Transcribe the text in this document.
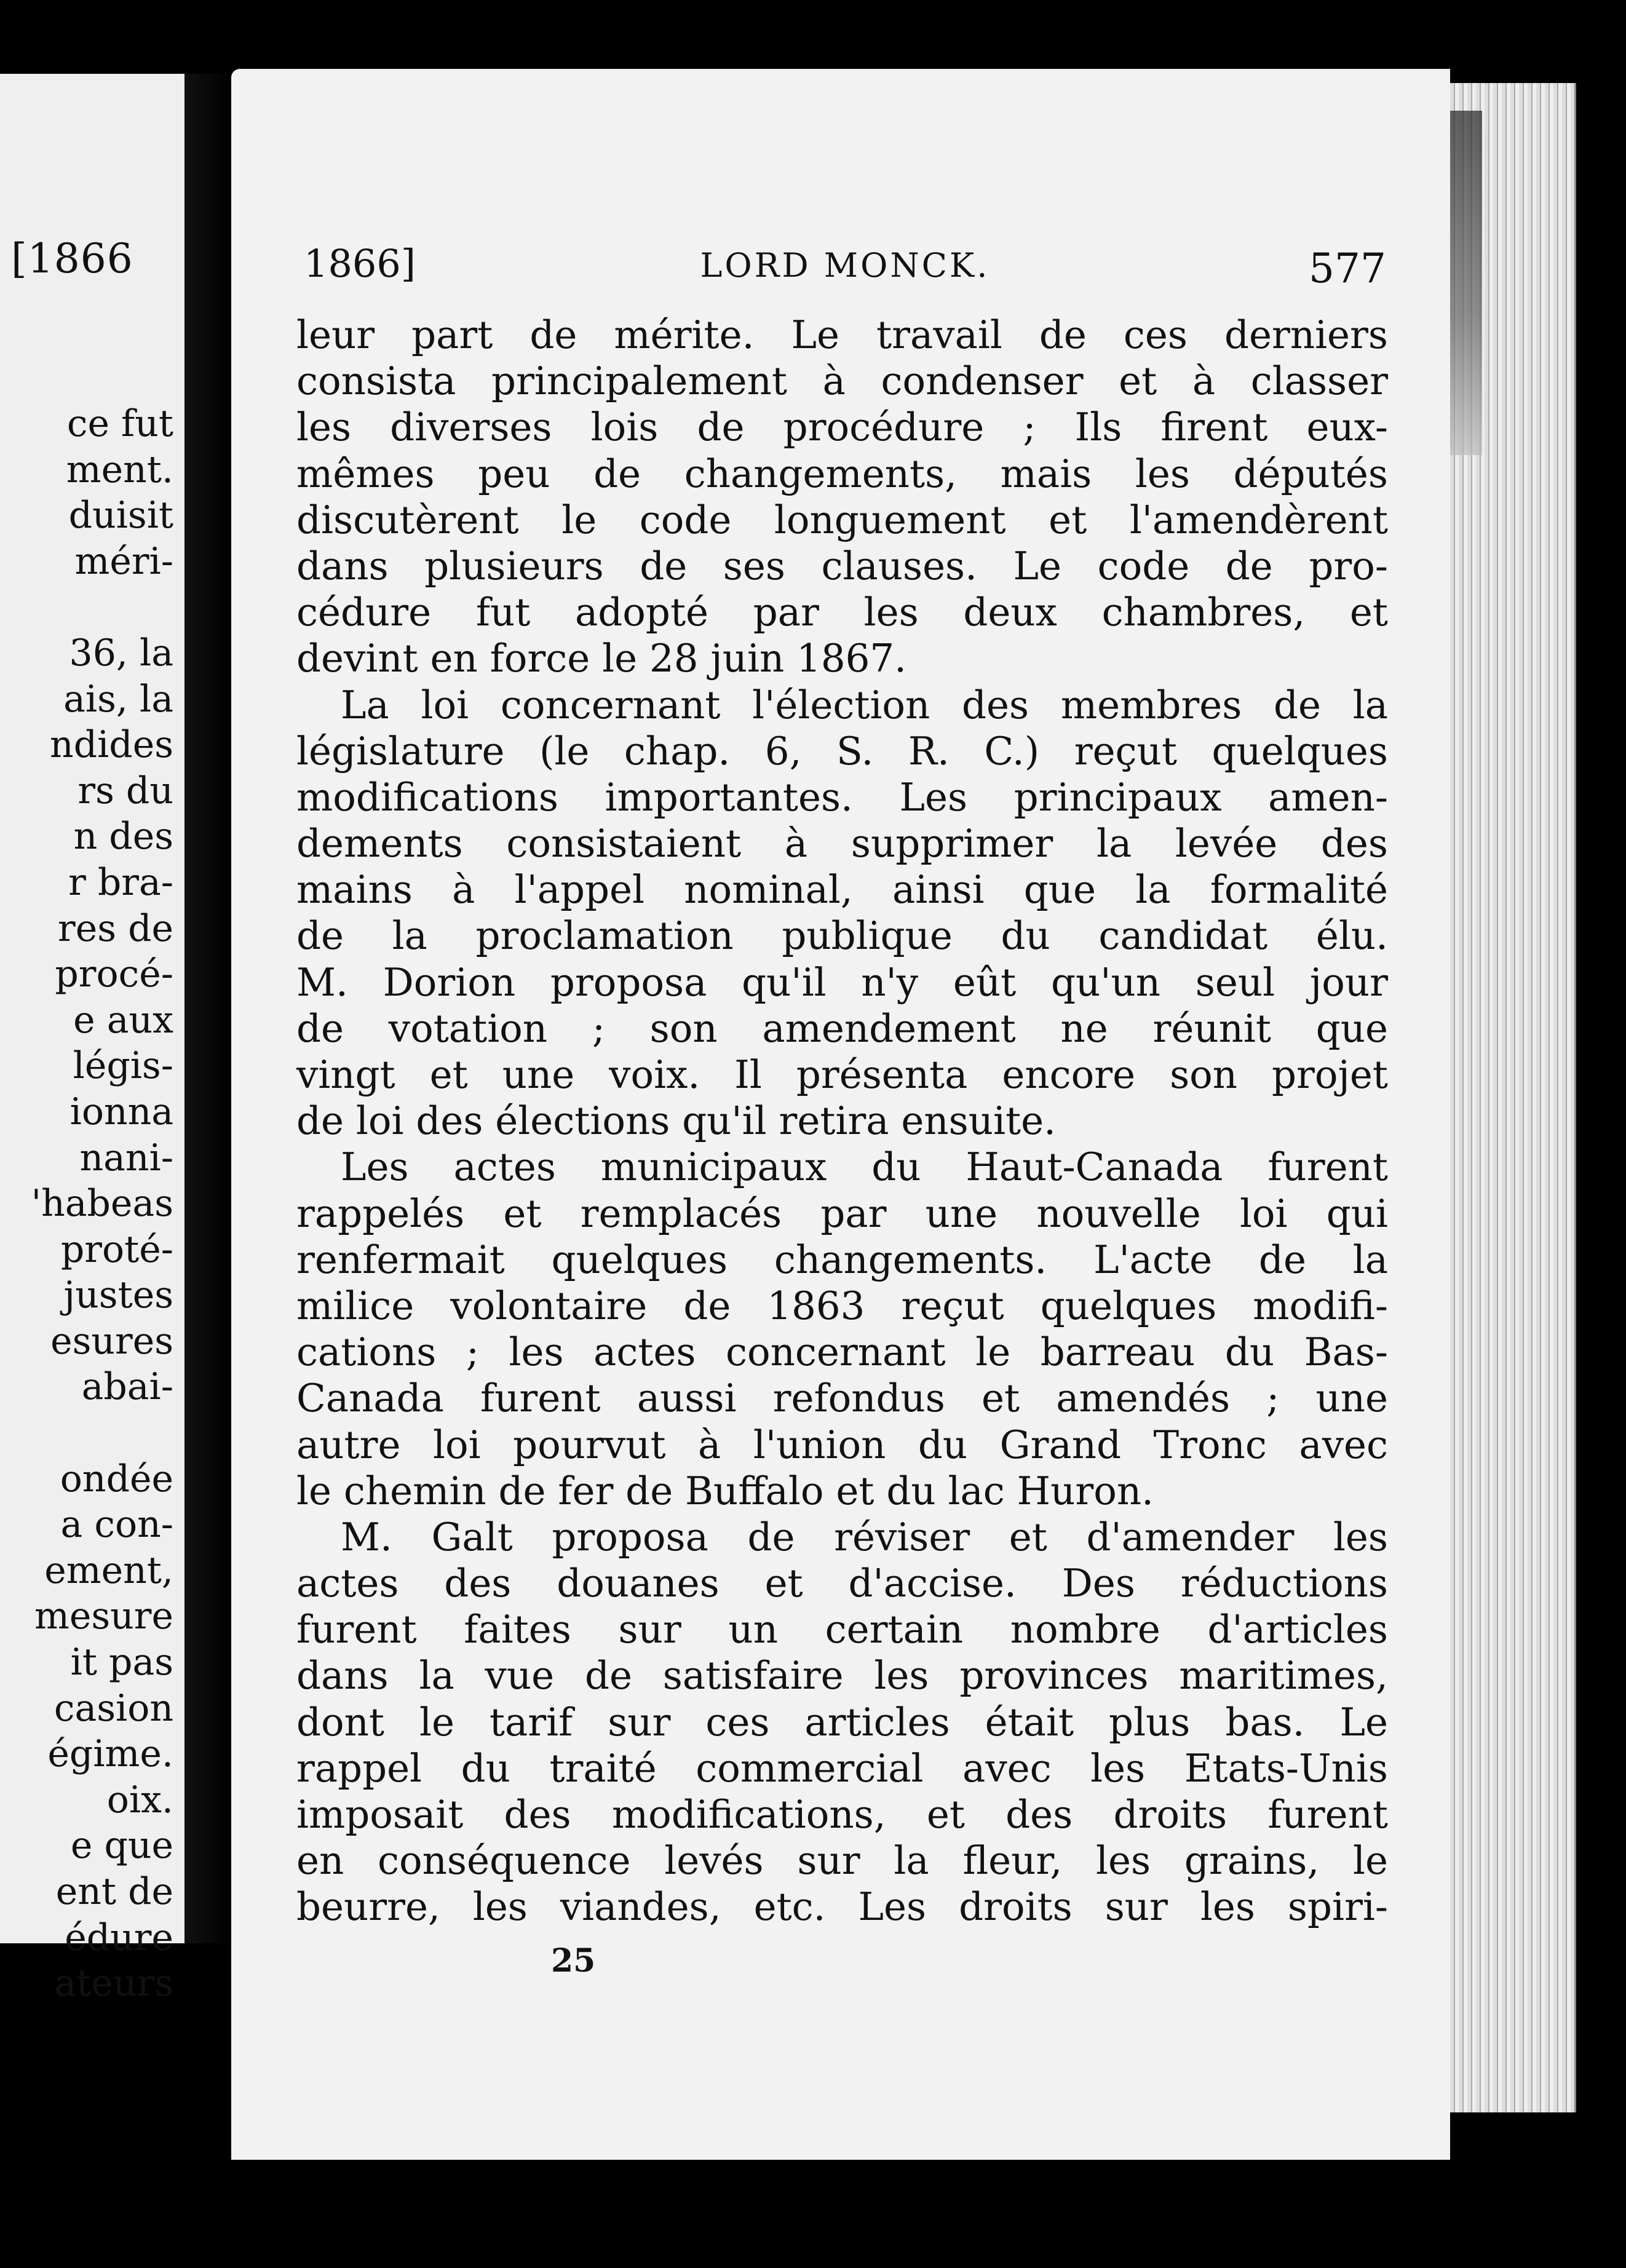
[1866
ce fut
ment.
duisit
méri-

36, la
ais, la
ndides
rs du
n des
r bra-
res de
procé-
e aux
légis-
ionna
nani-
'habeas
proté-
justes
esures
abai-

ondée
a con-
ement,
mesure
it pas
casion
égime.
oix.
e que
ent de
édure
ateurs
1866]	LORD MONCK.	577
leur part de mérite. Le travail de ces derniers
consista principalement à condenser et à classer
les diverses lois de procédure ; Ils firent eux-
mêmes peu de changements, mais les députés
discutèrent le code longuement et l'amendèrent
dans plusieurs de ses clauses. Le code de pro-
cédure fut adopté par les deux chambres, et
devint en force le 28 juin 1867.
La loi concernant l'élection des membres de la
législature (le chap. 6, S. R. C.) reçut quelques
modifications importantes. Les principaux amen-
dements consistaient à supprimer la levée des
mains à l'appel nominal, ainsi que la formalité
de la proclamation publique du candidat élu.
M. Dorion proposa qu'il n'y eût qu'un seul jour
de votation ; son amendement ne réunit que
vingt et une voix. Il présenta encore son projet
de loi des élections qu'il retira ensuite.
Les actes municipaux du Haut-Canada furent
rappelés et remplacés par une nouvelle loi qui
renfermait quelques changements. L'acte de la
milice volontaire de 1863 reçut quelques modifi-
cations ; les actes concernant le barreau du Bas-
Canada furent aussi refondus et amendés ; une
autre loi pourvut à l'union du Grand Tronc avec
le chemin de fer de Buffalo et du lac Huron.
M. Galt proposa de réviser et d'amender les
actes des douanes et d'accise. Des réductions
furent faites sur un certain nombre d'articles
dans la vue de satisfaire les provinces maritimes,
dont le tarif sur ces articles était plus bas. Le
rappel du traité commercial avec les Etats-Unis
imposait des modifications, et des droits furent
en conséquence levés sur la fleur, les grains, le
beurre, les viandes, etc. Les droits sur les spiri-
25
